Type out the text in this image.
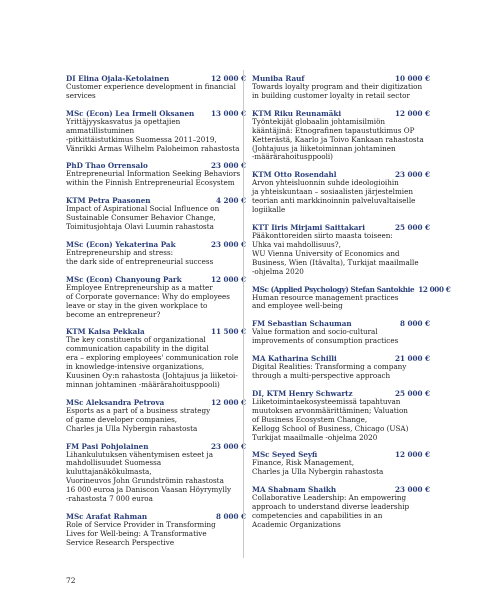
DI Elina Ojala-Ketolainen	12 000 €
Customer experience development in financial
services
MSc (Econ) Lea Irmeli Oksanen	13 000 €
Yrittäjyyskasvatus ja opettajien ammatillistuminen
-pitkittäistutkimus Suomessa 2011–2019,
Vänrikki Armas Wilhelm Paloheimon rahastosta
PhD Thao Orrensalo	23 000 €
Entrepreneurial Information Seeking Behaviors
within the Finnish Entrepreneurial Ecosystem
KTM Petra Paasonen	4 200 €
Impact of Aspirational Social Influence on
Sustainable Consumer Behavior Change,
Toimitusjohtaja Olavi Luumin rahastosta
MSc (Econ) Yekaterina Pak	23 000 €
Entrepreneurship and stress:
the dark side of entrepreneurial success
MSc (Econ) Chanyoung Park	12 000 €
Employee Entrepreneurship as a matter
of Corporate governance: Why do employees
leave or stay in the given workplace to
become an entrepreneur?
KTM Kaisa Pekkala	11 500 €
The key constituents of organizational
communication capability in the digital
era – exploring employees' communication role
in knowledge-intensive organizations,
Kuusinen Oy:n rahastosta (Johtajuus ja liiketoi-
minnan johtaminen -määrärahoitusppooli)
MSc Aleksandra Petrova	12 000 €
Esports as a part of a business strategy
of game developer companies,
Charles ja Ulla Nybergin rahastosta
FM Pasi Pohjolainen	23 000 €
Lihankulutuksen vähentymisen esteet ja
mahdollisuudet Suomessa kuluttajanäkökulmasta,
Vuorineuvos John Grundströmin rahastosta
16 000 euroa ja Daniscon Vaasan Höyrymylly
-rahastosta 7 000 euroa
MSc Arafat Rahman	8 000 €
Role of Service Provider in Transforming
Lives for Well-being: A Transformative
Service Research Perspective
Muniba Rauf	10 000 €
Towards loyalty program and their digitization
in building customer loyalty in retail sector
KTM Riku Reunamäki	12 000 €
Työntekijät globaalin johtamisilmiön
kääntäjinä: Etnografinen tapaustutkimus OP
Ketterästä, Kaarlo ja Toivo Kankaan rahastosta
(Johtajuus ja liiketoiminnan johtaminen
-määrärahoitusppooli)
KTM Otto Rosendahl	23 000 €
Arvon yhteisluonnin suhde ideologioihin
ja yhteiskuntaan – sosiaalisten järjestelmien
teorian anti markkinoinnin palveluvaltaiselle
logiikalle
KTT Iiris Mirjami Saittakari	25 000 €
Pääkonttoreiden siirto maasta toiseen:
Uhka vai mahdollisuus?,
WU Vienna University of Economics and
Business, Wien (Itävalta), Turkijat maailmalle
-ohjelma 2020
MSc (Applied Psychology) Stefan Santokhie 12 000 €
Human resource management practices
and employee well-being
FM Sebastian Schauman	8 000 €
Value formation and socio-cultural
improvements of consumption practices
MA Katharina Schilli	21 000 €
Digital Realities: Transforming a company
through a multi-perspective approach
DI, KTM Henry Schwartz	25 000 €
Liiketoimintaekosysteemissä tapahtuvan
muutoksen arvonmäärittäminen; Valuation
of Business Ecosystem Change,
Kellogg School of Business, Chicago (USA)
Turkijat maailmalle -ohjelma 2020
MSc Seyed Seyfi	12 000 €
Finance, Risk Management,
Charles ja Ulla Nybergin rahastosta
MA Shabnam Shaikh	23 000 €
Collaborative Leadership: An empowering
approach to understand diverse leadership
competencies and capabilities in an
Academic Organizations
72
